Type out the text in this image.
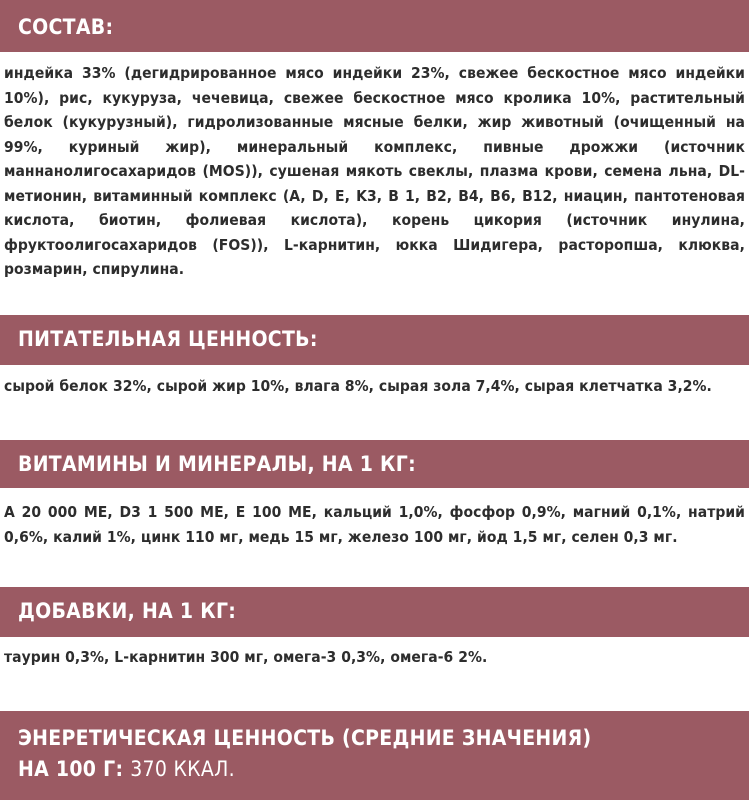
СОСТАВ:
индейка 33% (дегидрированное мясо индейки 23%, свежее бескостное мясо индейки 10%), рис, кукуруза, чечевица, свежее бескостное мясо кролика 10%, растительный белок (кукурузный), гидролизованные мясные белки, жир животный (очищенный на 99%, куриный жир), минеральный комплекс, пивные дрожжи (источник маннанолигосахаридов (MOS)), сушеная мякоть свеклы, плазма крови, семена льна, DL-метионин, витаминный комплекс (A, D, E, K3, B 1, B2, B4, B6, B12, ниацин, пантотеновая кислота, биотин, фолиевая кислота), корень цикория (источник инулина, фруктоолигосахаридов (FOS)), L-карнитин, юкка Шидигера, расторопша, клюква, розмарин, спирулина.
ПИТАТЕЛЬНАЯ ЦЕННОСТЬ:
сырой белок 32%, сырой жир 10%, влага 8%, сырая зола 7,4%, сырая клетчатка 3,2%.
ВИТАМИНЫ И МИНЕРАЛЫ, НА 1 КГ:
A 20 000 МЕ, D3 1 500 МЕ, E 100 МЕ, кальций 1,0%, фосфор 0,9%, магний 0,1%, натрий 0,6%, калий 1%, цинк 110 мг, медь 15 мг, железо 100 мг, йод 1,5 мг, селен 0,3 мг.
ДОБАВКИ, НА 1 КГ:
таурин 0,3%, L-карнитин 300 мг, омега-3 0,3%, омега-6 2%.
ЭНЕРЕТИЧЕСКАЯ ЦЕННОСТЬ (СРЕДНИЕ ЗНАЧЕНИЯ)
НА 100 Г: 370 ККАЛ.
